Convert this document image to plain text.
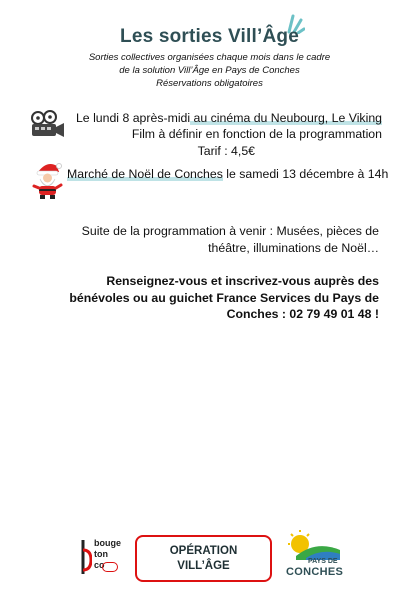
Les sorties Vill’Âge
Sorties collectives organisées chaque mois dans le cadre
de la solution Vill’Âge en Pays de Conches
Réservations obligatoires
Le lundi 8 après-midi au cinéma du Neubourg, Le Viking
Film à définir en fonction de la programmation
Tarif : 4,5€
Marché de Noël de Conches le samedi 13 décembre à 14h
Suite de la programmation à venir : Musées, pièces de
théâtre, illuminations de Noël…
Renseignez-vous et inscrivez-vous auprès des
bénévoles ou au guichet France Services du Pays de
Conches : 02 79 49 01 48 !
bouge
ton
co
OPÉRATION
VILL’ÂGE	PAYS DE
CONCHES
